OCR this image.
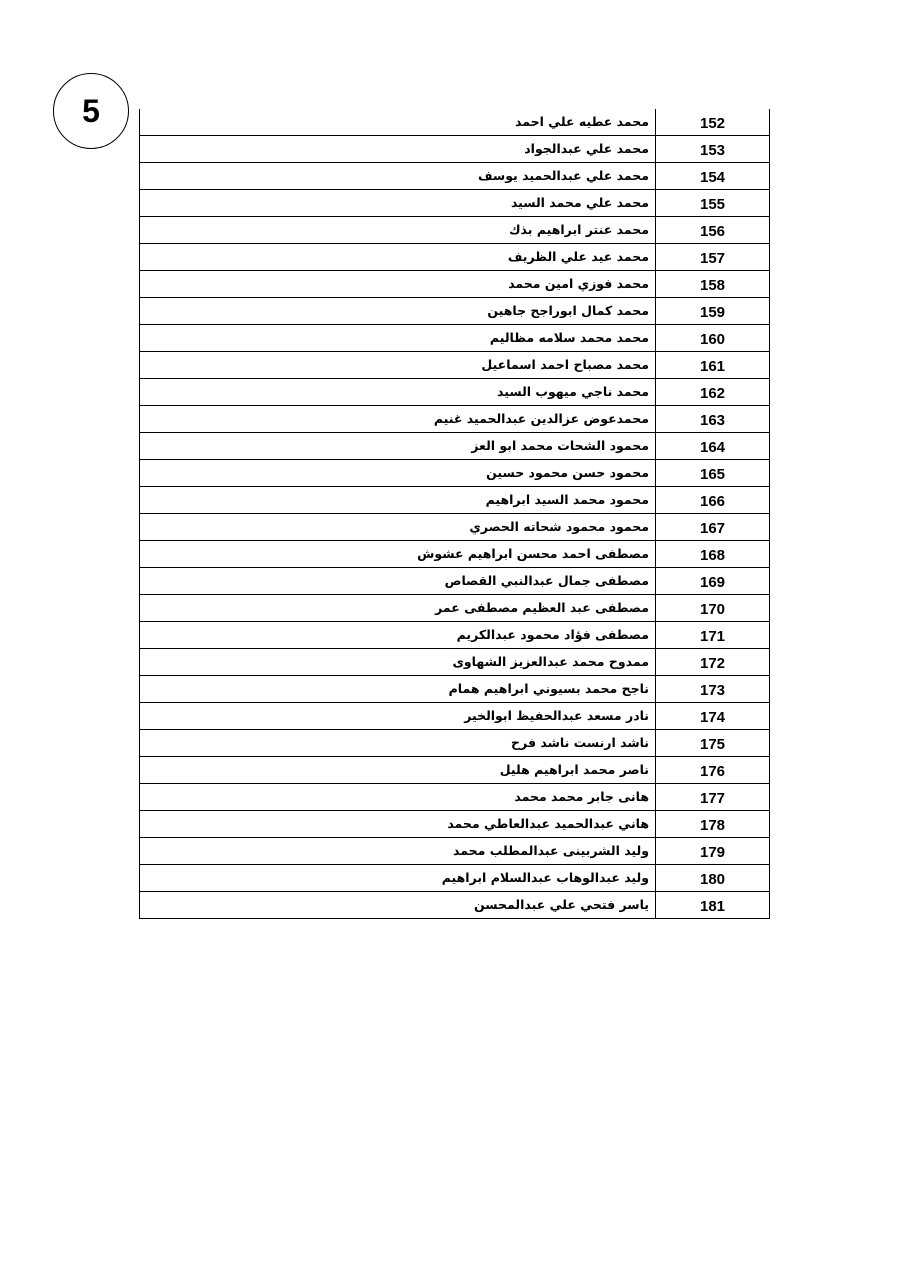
5	محمد عطيه علي احمد	152
محمد علي عبدالجواد	153
محمد علي عبدالحميد يوسف	154
محمد علي محمد السيد	155
محمد عنتر ابراهيم بذك	156
محمد عيد علي الظريف	157
محمد فوزي امين محمد	158
محمد كمال ابوراجح جاهين	159
محمد محمد سلامه مظاليم	160
محمد مصباح احمد اسماعيل	161
محمد ناجي ميهوب السيد	162
محمدعوض عزالدين عبدالحميد غنيم	163
محمود الشحات محمد ابو العز	164
محمود حسن محمود حسين	165
محمود محمد السيد ابراهيم	166
محمود محمود شحاته الحصري	167
مصطفى احمد محسن ابراهيم عشوش	168
مصطفى جمال عبدالنبي القصاص	169
مصطفى عبد العظيم مصطفى عمر	170
مصطفى فؤاد محمود عبدالكريم	171
ممدوح محمد عبدالعزيز الشهاوى	172
ناجح محمد بسيوني ابراهيم همام	173
نادر مسعد عبدالحفيظ ابوالخير	174
ناشد ارنست ناشد فرح	175
ناصر محمد ابراهيم هليل	176
هانى جابر محمد محمد	177
هاني عبدالحميد عبدالعاطي محمد	178
وليد الشربينى عبدالمطلب محمد	179
وليد عبدالوهاب عبدالسلام ابراهيم	180
ياسر فتحي علي عبدالمحسن	181
